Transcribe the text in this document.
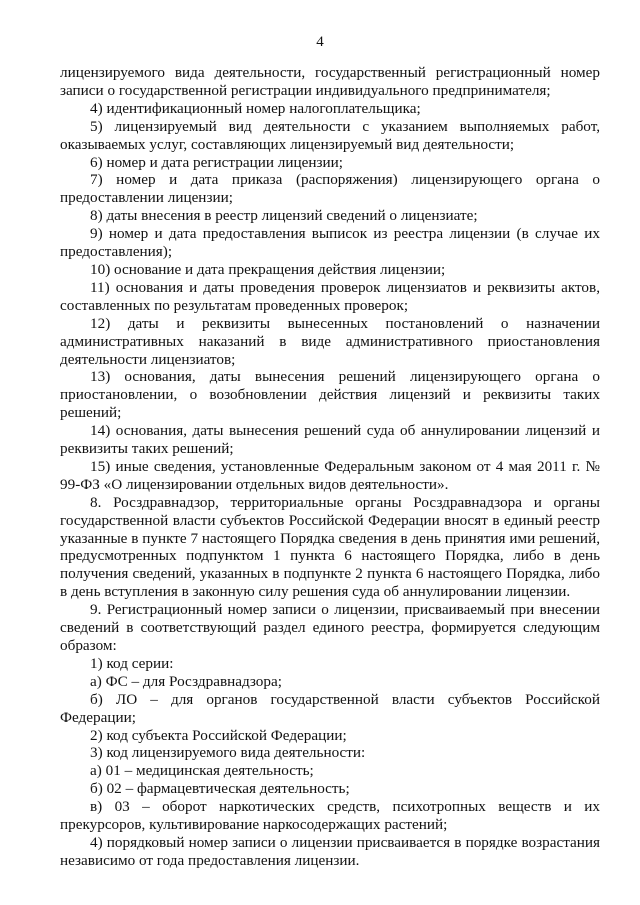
4

лицензируемого вида деятельности, государственный регистрационный номер записи о государственной регистрации индивидуального предпринимателя;

4) идентификационный номер налогоплательщика;

5) лицензируемый вид деятельности с указанием выполняемых работ, оказываемых услуг, составляющих лицензируемый вид деятельности;

6) номер и дата регистрации лицензии;

7) номер и дата приказа (распоряжения) лицензирующего органа о предоставлении лицензии;

8) даты внесения в реестр лицензий сведений о лицензиате;

9) номер и дата предоставления выписок из реестра лицензии (в случае их предоставления);

10) основание и дата прекращения действия лицензии;

11) основания и даты проведения проверок лицензиатов и реквизиты актов, составленных по результатам проведенных проверок;

12) даты и реквизиты вынесенных постановлений о назначении административных наказаний в виде административного приостановления деятельности лицензиатов;

13) основания, даты вынесения решений лицензирующего органа о приостановлении, о возобновлении действия лицензий и реквизиты таких решений;

14) основания, даты вынесения решений суда об аннулировании лицензий и реквизиты таких решений;

15) иные сведения, установленные Федеральным законом от 4 мая 2011 г. № 99-ФЗ «О лицензировании отдельных видов деятельности».

8. Росздравнадзор, территориальные органы Росздравнадзора и органы государственной власти субъектов Российской Федерации вносят в единый реестр указанные в пункте 7 настоящего Порядка сведения в день принятия ими решений, предусмотренных подпунктом 1 пункта 6 настоящего Порядка, либо в день получения сведений, указанных в подпункте 2 пункта 6 настоящего Порядка, либо в день вступления в законную силу решения суда об аннулировании лицензии.

9. Регистрационный номер записи о лицензии, присваиваемый при внесении сведений в соответствующий раздел единого реестра, формируется следующим образом:

1) код серии:

а) ФС – для Росздравнадзора;

б) ЛО – для органов государственной власти субъектов Российской Федерации;

2) код субъекта Российской Федерации;

3) код лицензируемого вида деятельности:

а) 01 – медицинская деятельность;

б) 02 – фармацевтическая деятельность;

в) 03 – оборот наркотических средств, психотропных веществ и их прекурсоров, культивирование наркосодержащих растений;

4) порядковый номер записи о лицензии присваивается в порядке возрастания независимо от года предоставления лицензии.
